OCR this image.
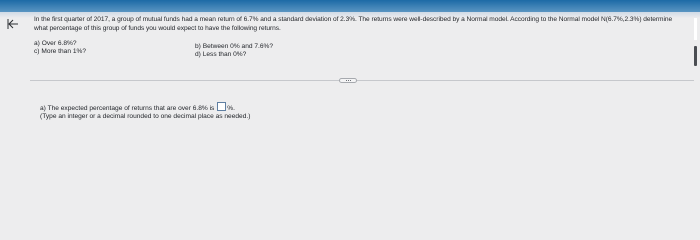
In the first quarter of 2017, a group of mutual funds had a mean return of 6.7% and a standard deviation of 2.3%. The returns were well-described by a Normal model. According to the Normal model N(6.7%,2.3%) determine what percentage of this group of funds you would expect to have the following returns.
a) Over 6.8%?
c) More than 1%?
b) Between 0% and 7.6%?
d) Less than 0%?
a) The expected percentage of returns that are over 6.8% is %.
(Type an integer or a decimal rounded to one decimal place as needed.)
